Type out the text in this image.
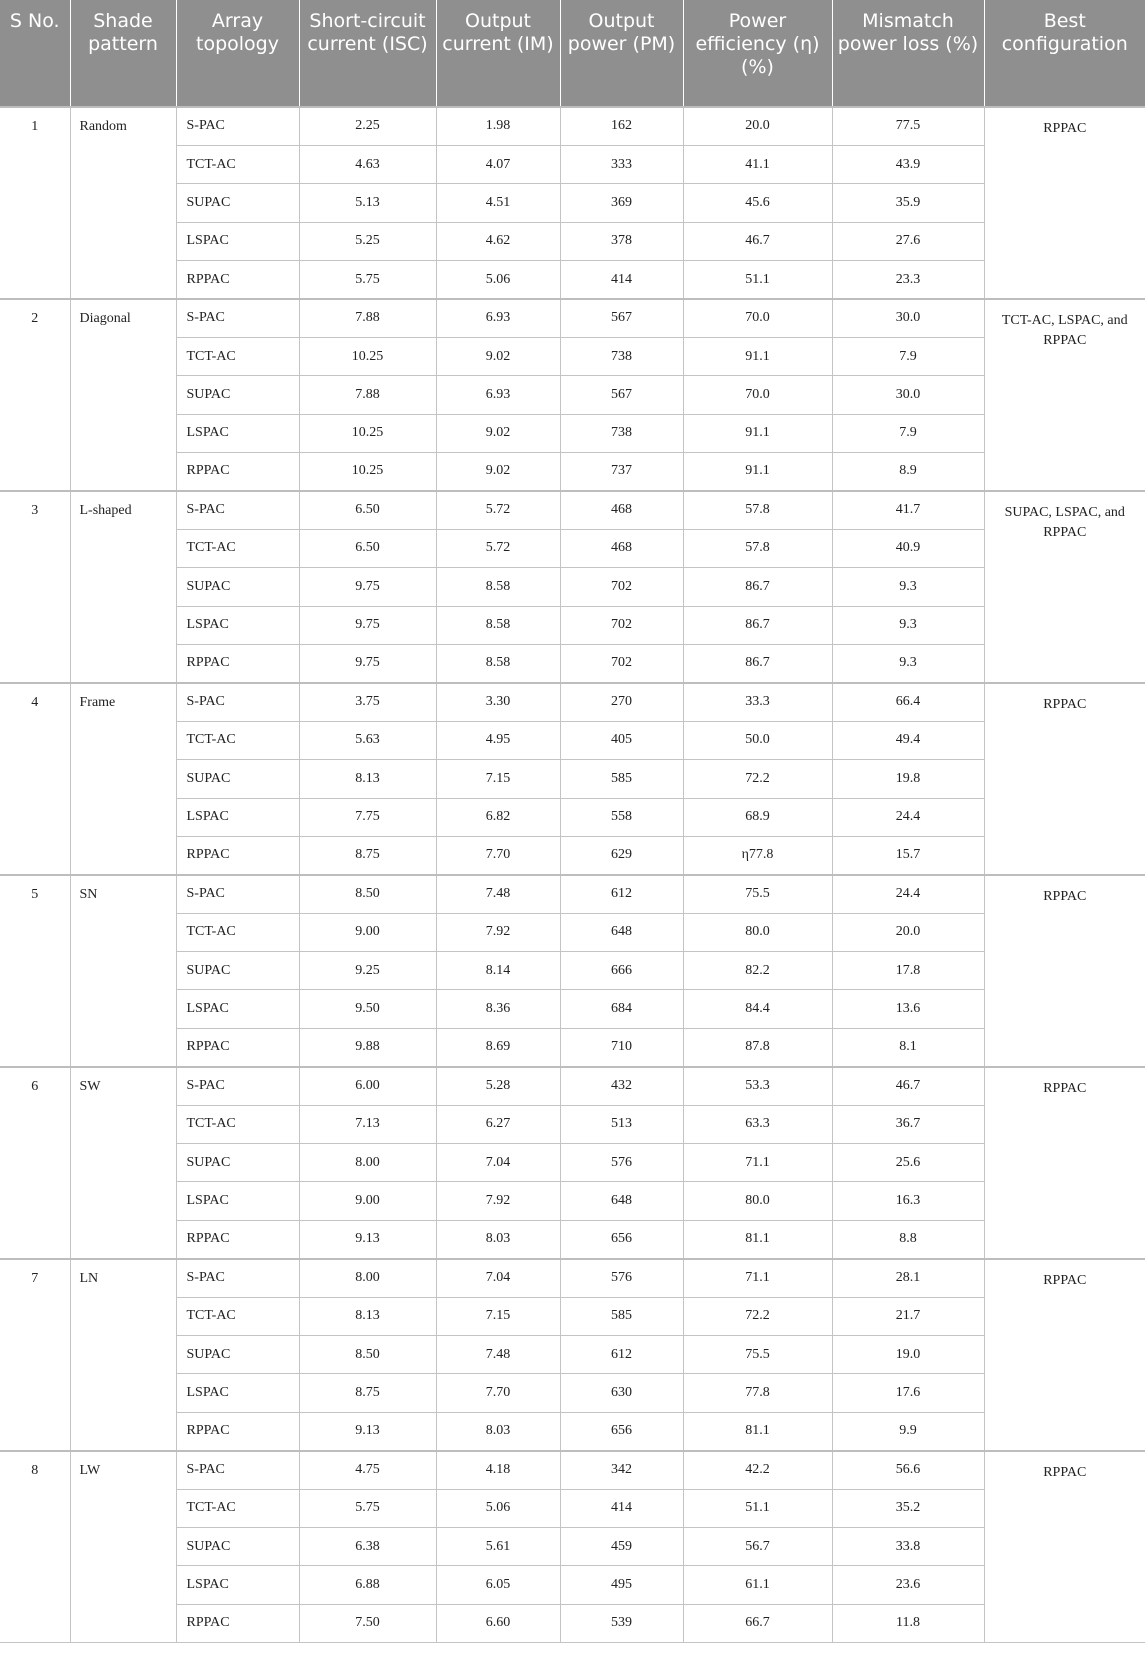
S No.	Shade pattern	Array topology	Short-circuit current (ISC)	Output current (IM)	Output power (PM)	Power efficiency (η) (%)	Mismatch power loss (%)	Best configuration
1	Random	S-PAC	2.25	1.98	162	20.0	77.5	RPPAC
		TCT-AC	4.63	4.07	333	41.1	43.9	
		SUPAC	5.13	4.51	369	45.6	35.9	
		LSPAC	5.25	4.62	378	46.7	27.6	
		RPPAC	5.75	5.06	414	51.1	23.3	
2	Diagonal	S-PAC	7.88	6.93	567	70.0	30.0	TCT-AC, LSPAC, and RPPAC
		TCT-AC	10.25	9.02	738	91.1	7.9	
		SUPAC	7.88	6.93	567	70.0	30.0	
		LSPAC	10.25	9.02	738	91.1	7.9	
		RPPAC	10.25	9.02	737	91.1	8.9	
3	L-shaped	S-PAC	6.50	5.72	468	57.8	41.7	SUPAC, LSPAC, and RPPAC
		TCT-AC	6.50	5.72	468	57.8	40.9	
		SUPAC	9.75	8.58	702	86.7	9.3	
		LSPAC	9.75	8.58	702	86.7	9.3	
		RPPAC	9.75	8.58	702	86.7	9.3	
4	Frame	S-PAC	3.75	3.30	270	33.3	66.4	RPPAC
		TCT-AC	5.63	4.95	405	50.0	49.4	
		SUPAC	8.13	7.15	585	72.2	19.8	
		LSPAC	7.75	6.82	558	68.9	24.4	
		RPPAC	8.75	7.70	629	η77.8	15.7	
5	SN	S-PAC	8.50	7.48	612	75.5	24.4	RPPAC
		TCT-AC	9.00	7.92	648	80.0	20.0	
		SUPAC	9.25	8.14	666	82.2	17.8	
		LSPAC	9.50	8.36	684	84.4	13.6	
		RPPAC	9.88	8.69	710	87.8	8.1	
6	SW	S-PAC	6.00	5.28	432	53.3	46.7	RPPAC
		TCT-AC	7.13	6.27	513	63.3	36.7	
		SUPAC	8.00	7.04	576	71.1	25.6	
		LSPAC	9.00	7.92	648	80.0	16.3	
		RPPAC	9.13	8.03	656	81.1	8.8	
7	LN	S-PAC	8.00	7.04	576	71.1	28.1	RPPAC
		TCT-AC	8.13	7.15	585	72.2	21.7	
		SUPAC	8.50	7.48	612	75.5	19.0	
		LSPAC	8.75	7.70	630	77.8	17.6	
		RPPAC	9.13	8.03	656	81.1	9.9	
8	LW	S-PAC	4.75	4.18	342	42.2	56.6	RPPAC
		TCT-AC	5.75	5.06	414	51.1	35.2	
		SUPAC	6.38	5.61	459	56.7	33.8	
		LSPAC	6.88	6.05	495	61.1	23.6	
		RPPAC	7.50	6.60	539	66.7	11.8	
